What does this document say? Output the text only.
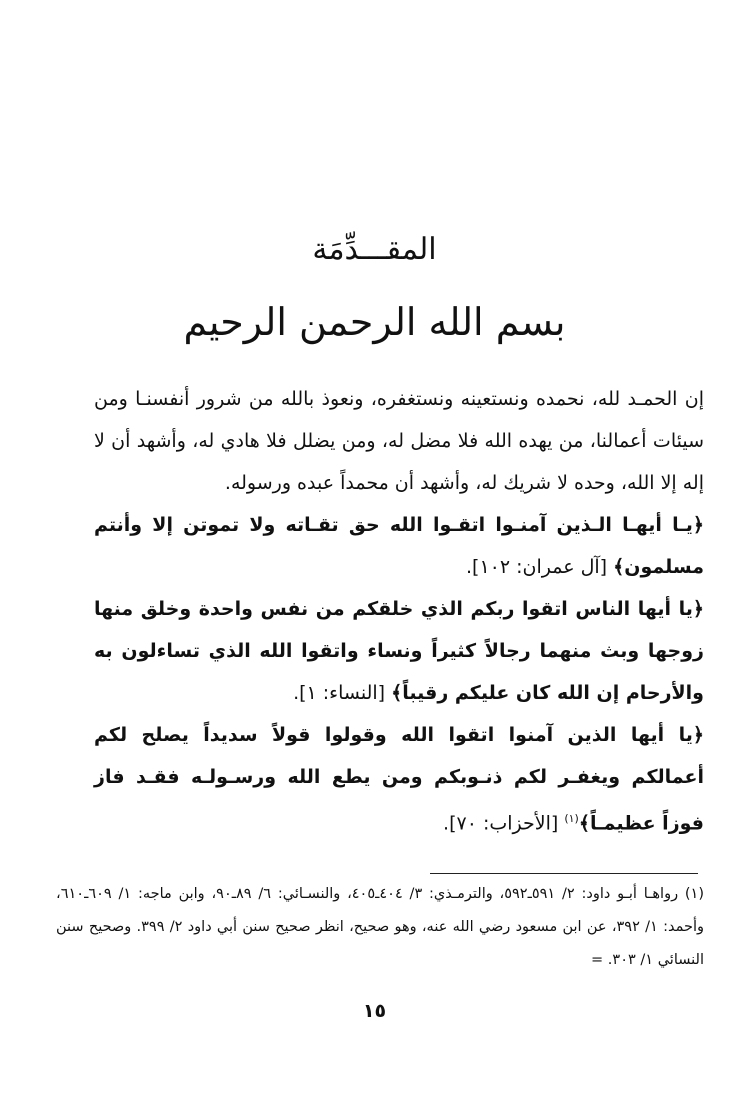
المقـــدِّمَة
بسم الله الرحمن الرحيم

إن الحمـد لله، نحمده ونستعينه ونستغفره، ونعوذ بالله من شرور أنفسنـا ومن سيئات أعمالنا، من يهده الله فلا مضل له، ومن يضلل فلا هادي له، وأشهد أن لا إله إلا الله، وحده لا شريك له، وأشهد أن محمداً عبده ورسوله.

﴿يـا أيهـا الـذين آمنـوا اتقـوا الله حق تقـاته ولا تموتن إلا وأنتم مسلمون﴾ [آل عمران: ١٠٢].

﴿يا أيها الناس اتقوا ربكم الذي خلقكم من نفس واحدة وخلق منها زوجها وبث منهما رجالاً كثيراً ونساء واتقوا الله الذي تساءلون به والأرحام إن الله كان عليكم رقيباً﴾ [النساء: ١].

﴿يا أيها الذين آمنوا اتقوا الله وقولوا قولاً سديداً يصلح لكم أعمالكم ويغفـر لكم ذنـوبكم ومن يطع الله ورسـولـه فقـد فاز فوزاً عظيمـاً﴾$^{(١)}$ [الأحزاب: ٧٠].

(١) رواهـا أبـو داود: ٢/ ٥٩١ـ٥٩٢، والترمـذي: ٣/ ٤٠٤ـ٤٠٥، والنسـائي: ٦/ ٨٩ـ٩٠، وابن ماجه: ١/ ٦٠٩ـ٦١٠، وأحمد: ١/ ٣٩٢، عن ابن مسعود رضي الله عنه، وهو صحيح، انظر صحيح سنن أبي داود ٢/ ٣٩٩. وصحيح سنن النسائي ١/ ٣٠٣. =

١٥
